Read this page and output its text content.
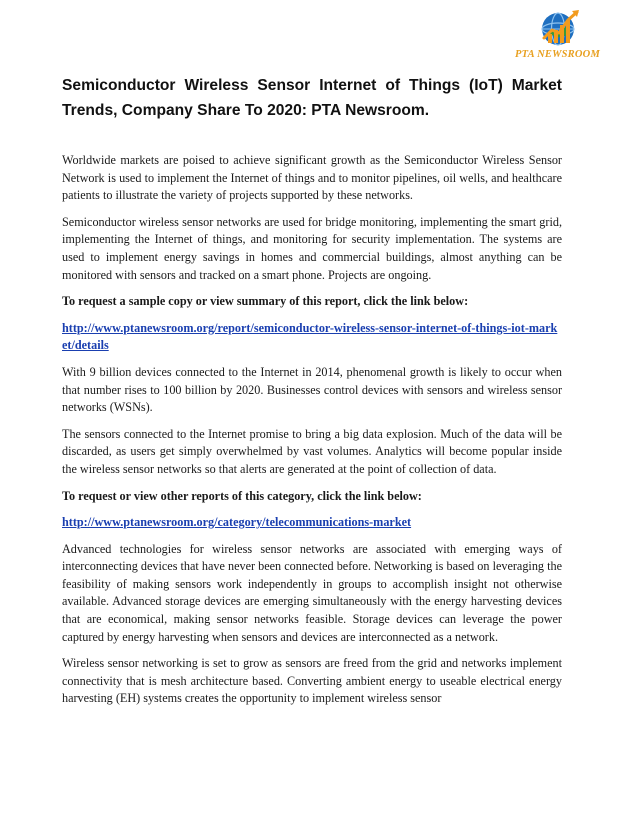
PTA NEWSROOM
Semiconductor Wireless Sensor Internet of Things (IoT) Market Trends, Company Share To 2020: PTA Newsroom.

Worldwide markets are poised to achieve significant growth as the Semiconductor Wireless Sensor Network is used to implement the Internet of things and to monitor pipelines, oil wells, and healthcare patients to illustrate the variety of projects supported by these networks.

Semiconductor wireless sensor networks are used for bridge monitoring, implementing the smart grid, implementing the Internet of things, and monitoring for security implementation. The systems are used to implement energy savings in homes and commercial buildings, almost anything can be monitored with sensors and tracked on a smart phone. Projects are ongoing.

To request a sample copy or view summary of this report, click the link below:

http://www.ptanewsroom.org/report/semiconductor-wireless-sensor-internet-of-things-iot-market/details

With 9 billion devices connected to the Internet in 2014, phenomenal growth is likely to occur when that number rises to 100 billion by 2020. Businesses control devices with sensors and wireless sensor networks (WSNs).

The sensors connected to the Internet promise to bring a big data explosion. Much of the data will be discarded, as users get simply overwhelmed by vast volumes. Analytics will become popular inside the wireless sensor networks so that alerts are generated at the point of collection of data.

To request or view other reports of this category, click the link below:

http://www.ptanewsroom.org/category/telecommunications-market

Advanced technologies for wireless sensor networks are associated with emerging ways of interconnecting devices that have never been connected before. Networking is based on leveraging the feasibility of making sensors work independently in groups to accomplish insight not otherwise available. Advanced storage devices are emerging simultaneously with the energy harvesting devices that are economical, making sensor networks feasible. Storage devices can leverage the power captured by energy harvesting when sensors and devices are interconnected as a network.

Wireless sensor networking is set to grow as sensors are freed from the grid and networks implement connectivity that is mesh architecture based. Converting ambient energy to useable electrical energy harvesting (EH) systems creates the opportunity to implement wireless sensor
